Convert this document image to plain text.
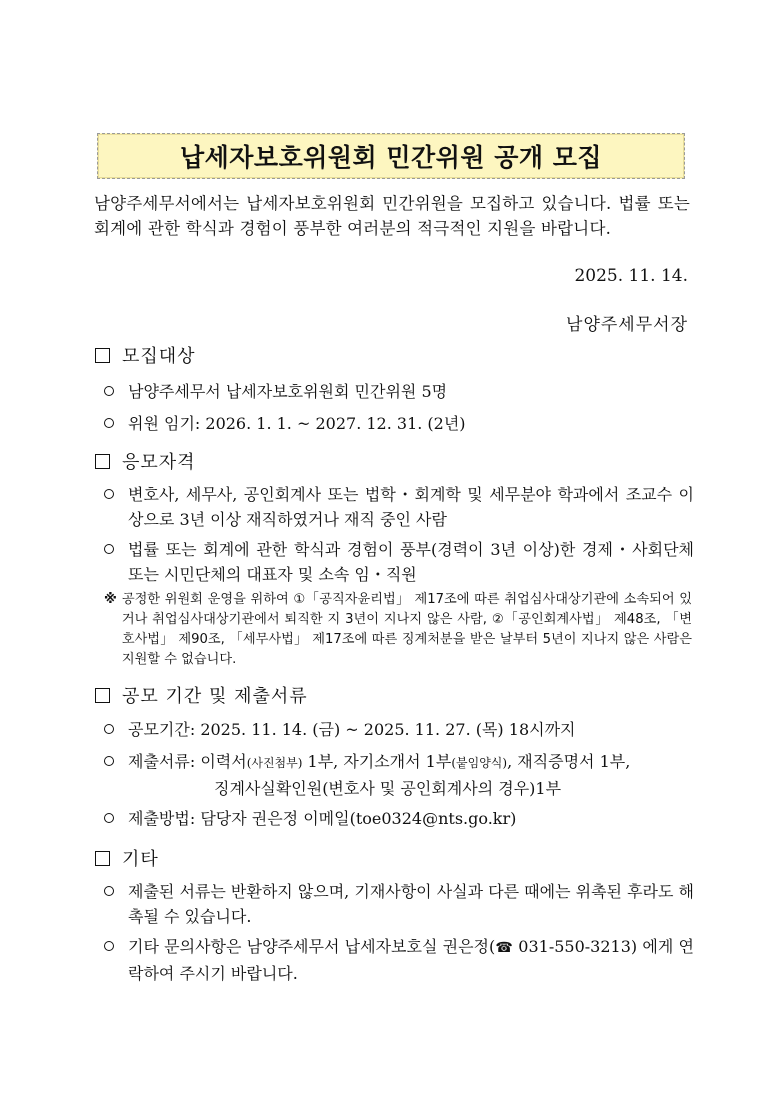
납세자보호위원회 민간위원 공개 모집
남양주세무서에서는 납세자보호위원회 민간위원을 모집하고 있습니다. 법률 또는 회계에 관한 학식과 경험이 풍부한 여러분의 적극적인 지원을 바랍니다.
2025. 11. 14.
남양주세무서장
모집대상
남양주세무서 납세자보호위원회 민간위원 5명
위원 임기: 2026. 1. 1. ~ 2027. 12. 31. (2년)
응모자격
변호사, 세무사, 공인회계사 또는 법학・회계학 및 세무분야 학과에서 조교수 이상으로 3년 이상 재직하였거나 재직 중인 사람
법률 또는 회계에 관한 학식과 경험이 풍부(경력이 3년 이상)한 경제・사회단체 또는 시민단체의 대표자 및 소속 임・직원
※ 공정한 위원회 운영을 위하여 ①「공직자윤리법」 제17조에 따른 취업심사대상기관에 소속되어 있거나 취업심사대상기관에서 퇴직한 지 3년이 지나지 않은 사람, ②「공인회계사법」 제48조, 「변호사법」 제90조, 「세무사법」 제17조에 따른 징계처분을 받은 날부터 5년이 지나지 않은 사람은 지원할 수 없습니다.
공모 기간 및 제출서류
공모기간: 2025. 11. 14. (금) ~ 2025. 11. 27. (목) 18시까지
제출서류: 이력서(사진첨부) 1부, 자기소개서 1부(붙임양식), 재직증명서 1부,
징계사실확인원(변호사 및 공인회계사의 경우)1부
제출방법: 담당자 권은정 이메일(toe0324@nts.go.kr)
기타
제출된 서류는 반환하지 않으며, 기재사항이 사실과 다른 때에는 위촉된 후라도 해촉될 수 있습니다.
기타 문의사항은 남양주세무서 납세자보호실 권은정(☎ 031-550-3213) 에게 연락하여 주시기 바랍니다.
